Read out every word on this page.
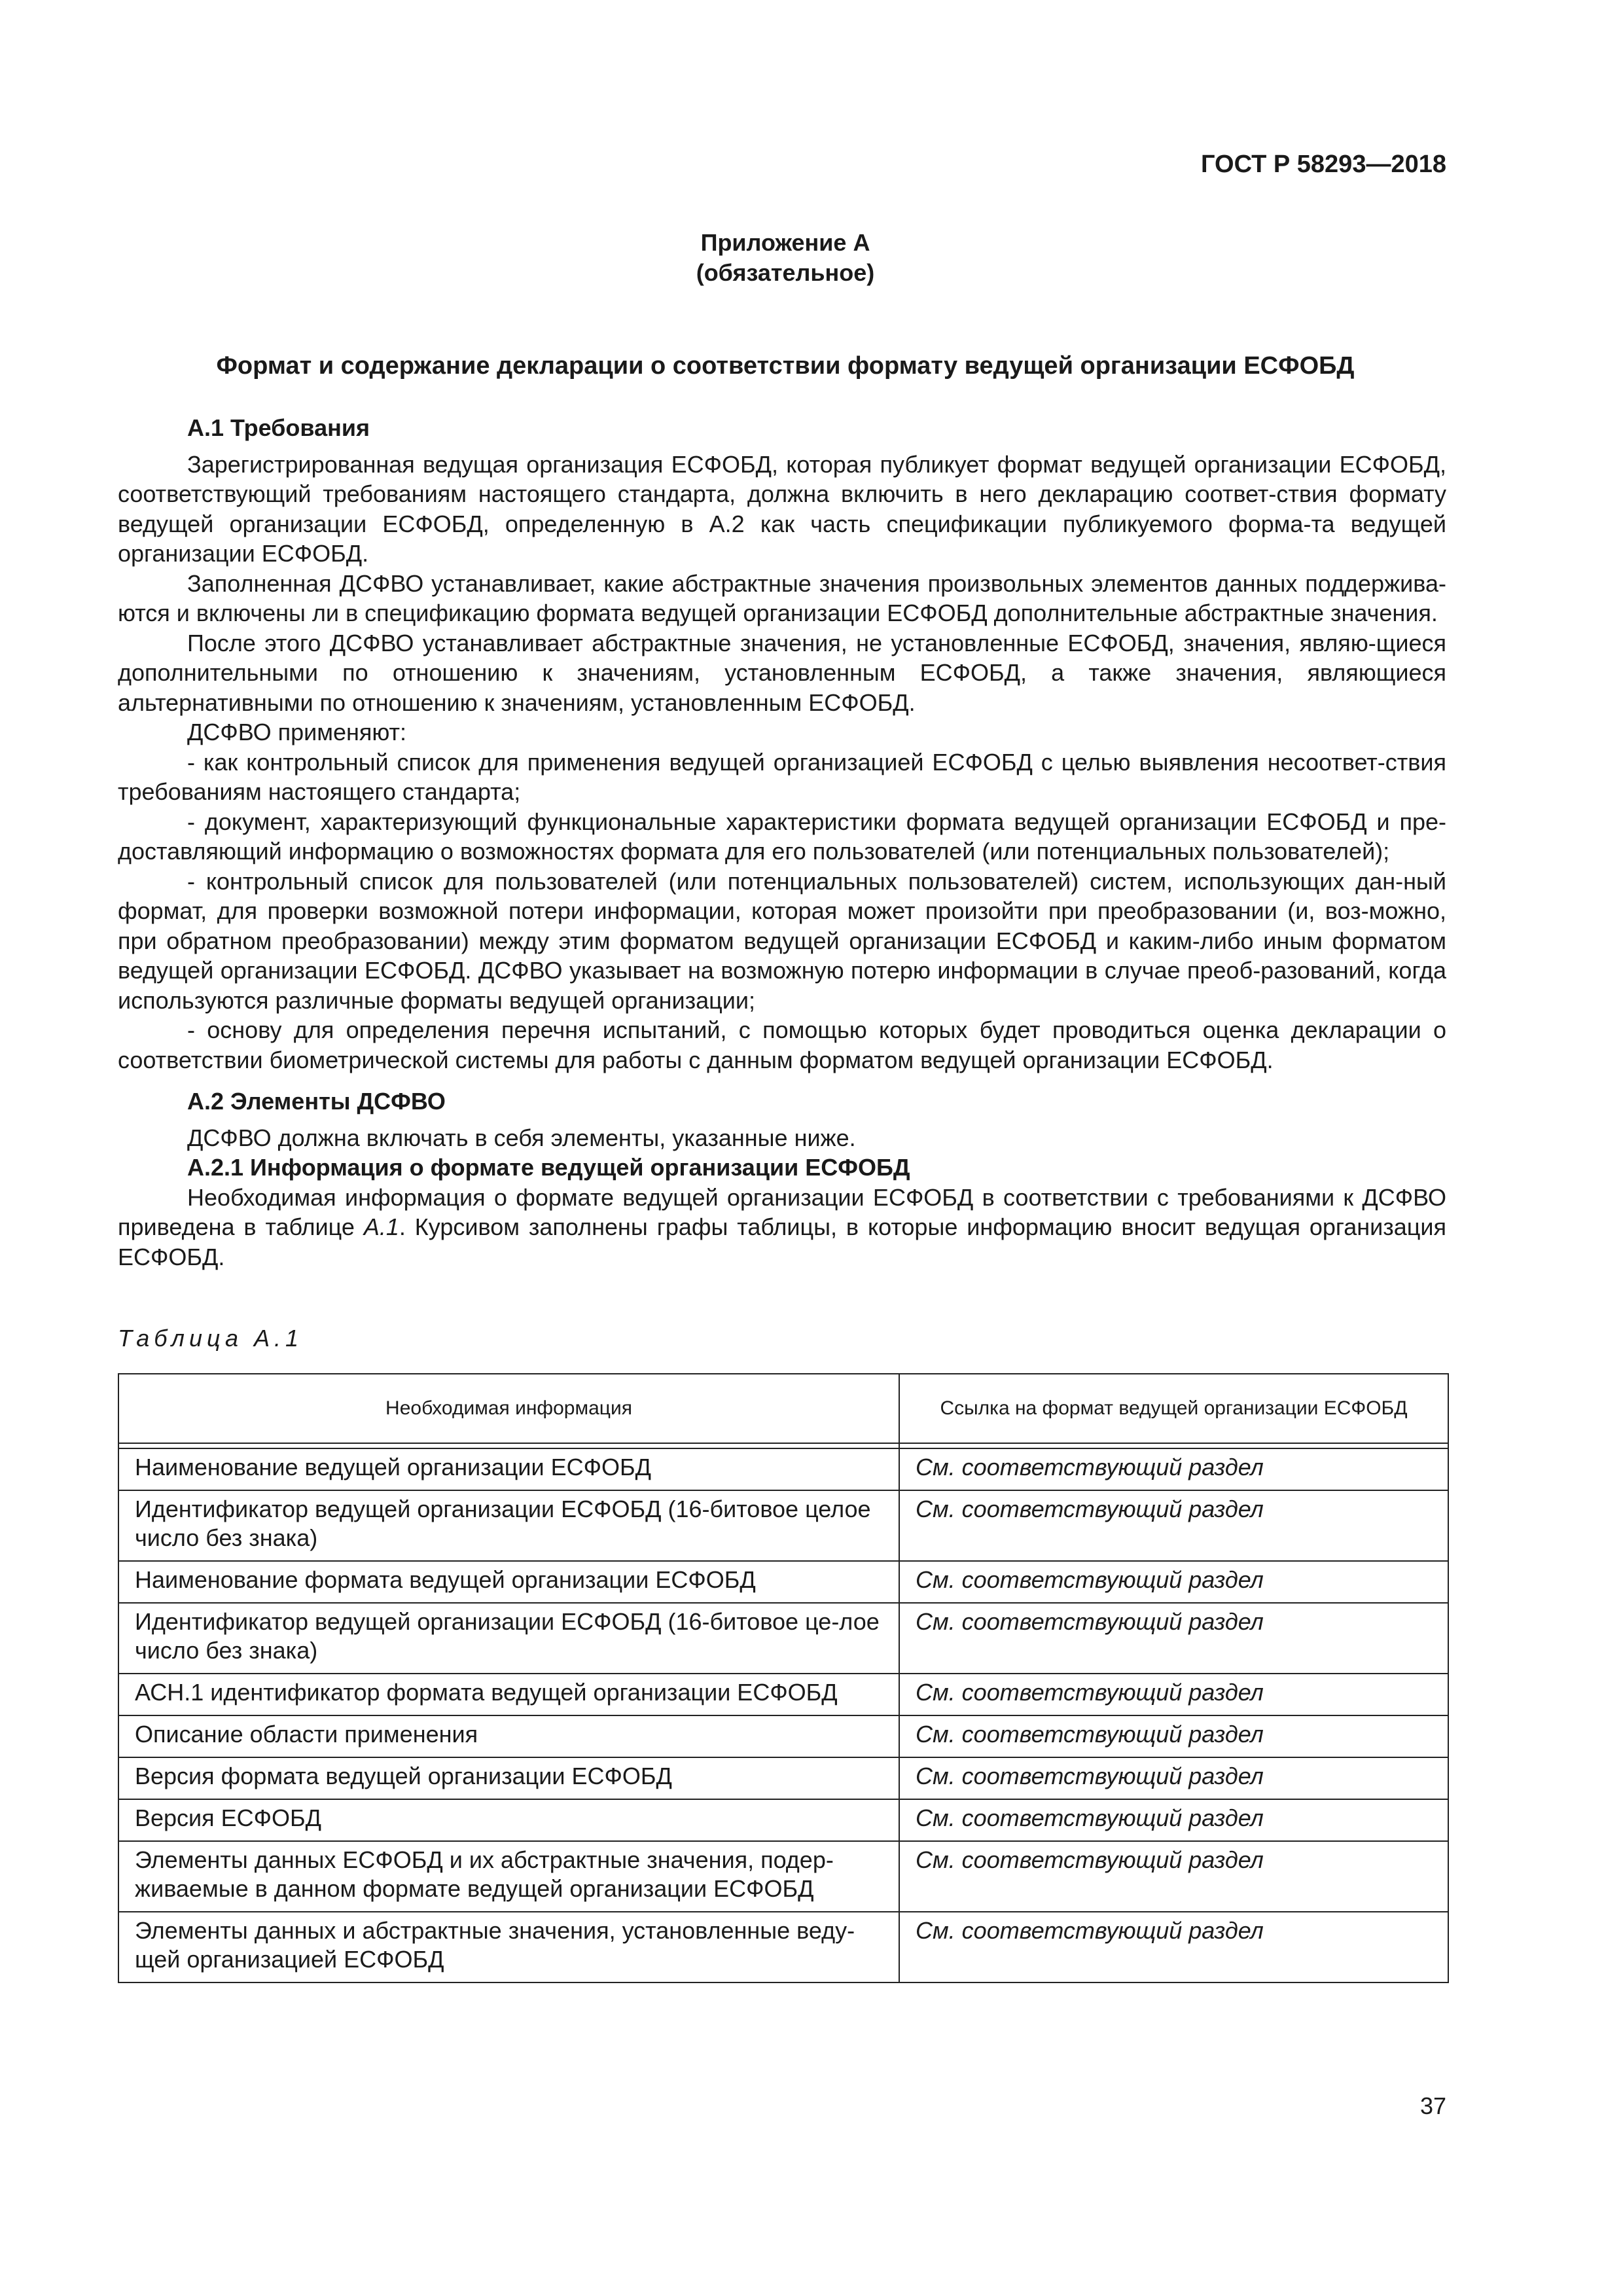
ГОСТ Р 58293—2018
Приложение А
(обязательное)
Формат и содержание декларации о соответствии формату ведущей организации ЕСФОБД

А.1 Требования

Зарегистрированная ведущая организация ЕСФОБД, которая публикует формат ведущей организации ЕСФОБД, соответствующий требованиям настоящего стандарта, должна включить в него декларацию соответ-ствия формату ведущей организации ЕСФОБД, определенную в А.2 как часть спецификации публикуемого форма-та ведущей организации ЕСФОБД.

Заполненная ДСФВО устанавливает, какие абстрактные значения произвольных элементов данных поддержива-ются и включены ли в спецификацию формата ведущей организации ЕСФОБД дополнительные абстрактные значения.

После этого ДСФВО устанавливает абстрактные значения, не установленные ЕСФОБД, значения, являю-щиеся дополнительными по отношению к значениям, установленным ЕСФОБД, а также значения, являющиеся альтернативными по отношению к значениям, установленным ЕСФОБД.

ДСФВО применяют:

- как контрольный список для применения ведущей организацией ЕСФОБД с целью выявления несоответ-ствия требованиям настоящего стандарта;

- документ, характеризующий функциональные характеристики формата ведущей организации ЕСФОБД и пре-доставляющий информацию о возможностях формата для его пользователей (или потенциальных пользователей);

- контрольный список для пользователей (или потенциальных пользователей) систем, использующих дан-ный формат, для проверки возможной потери информации, которая может произойти при преобразовании (и, воз-можно, при обратном преобразовании) между этим форматом ведущей организации ЕСФОБД и каким-либо иным форматом ведущей организации ЕСФОБД. ДСФВО указывает на возможную потерю информации в случае преоб-разований, когда используются различные форматы ведущей организации;

- основу для определения перечня испытаний, с помощью которых будет проводиться оценка декларации о соответствии биометрической системы для работы с данным форматом ведущей организации ЕСФОБД.

А.2 Элементы ДСФВО

ДСФВО должна включать в себя элементы, указанные ниже.

А.2.1 Информация о формате ведущей организации ЕСФОБД

Необходимая информация о формате ведущей организации ЕСФОБД в соответствии с требованиями к ДСФВО приведена в таблице А.1. Курсивом заполнены графы таблицы, в которые информацию вносит ведущая организация ЕСФОБД.

Таблица А.1
Необходимая информация	Ссылка на формат ведущей организации ЕСФОБД

Наименование ведущей организации ЕСФОБД	См. соответствующий раздел
Идентификатор ведущей организации ЕСФОБД (16-битовое целое число без знака)	См. соответствующий раздел
Наименование формата ведущей организации ЕСФОБД	См. соответствующий раздел
Идентификатор ведущей организации ЕСФОБД (16-битовое це-лое число без знака)	См. соответствующий раздел
АСН.1 идентификатор формата ведущей организации ЕСФОБД	См. соответствующий раздел
Описание области применения	См. соответствующий раздел
Версия формата ведущей организации ЕСФОБД	См. соответствующий раздел
Версия ЕСФОБД	См. соответствующий раздел
Элементы данных ЕСФОБД и их абстрактные значения, подер-живаемые в данном формате ведущей организации ЕСФОБД	См. соответствующий раздел
Элементы данных и абстрактные значения, установленные веду-щей организацией ЕСФОБД	См. соответствующий раздел
37
